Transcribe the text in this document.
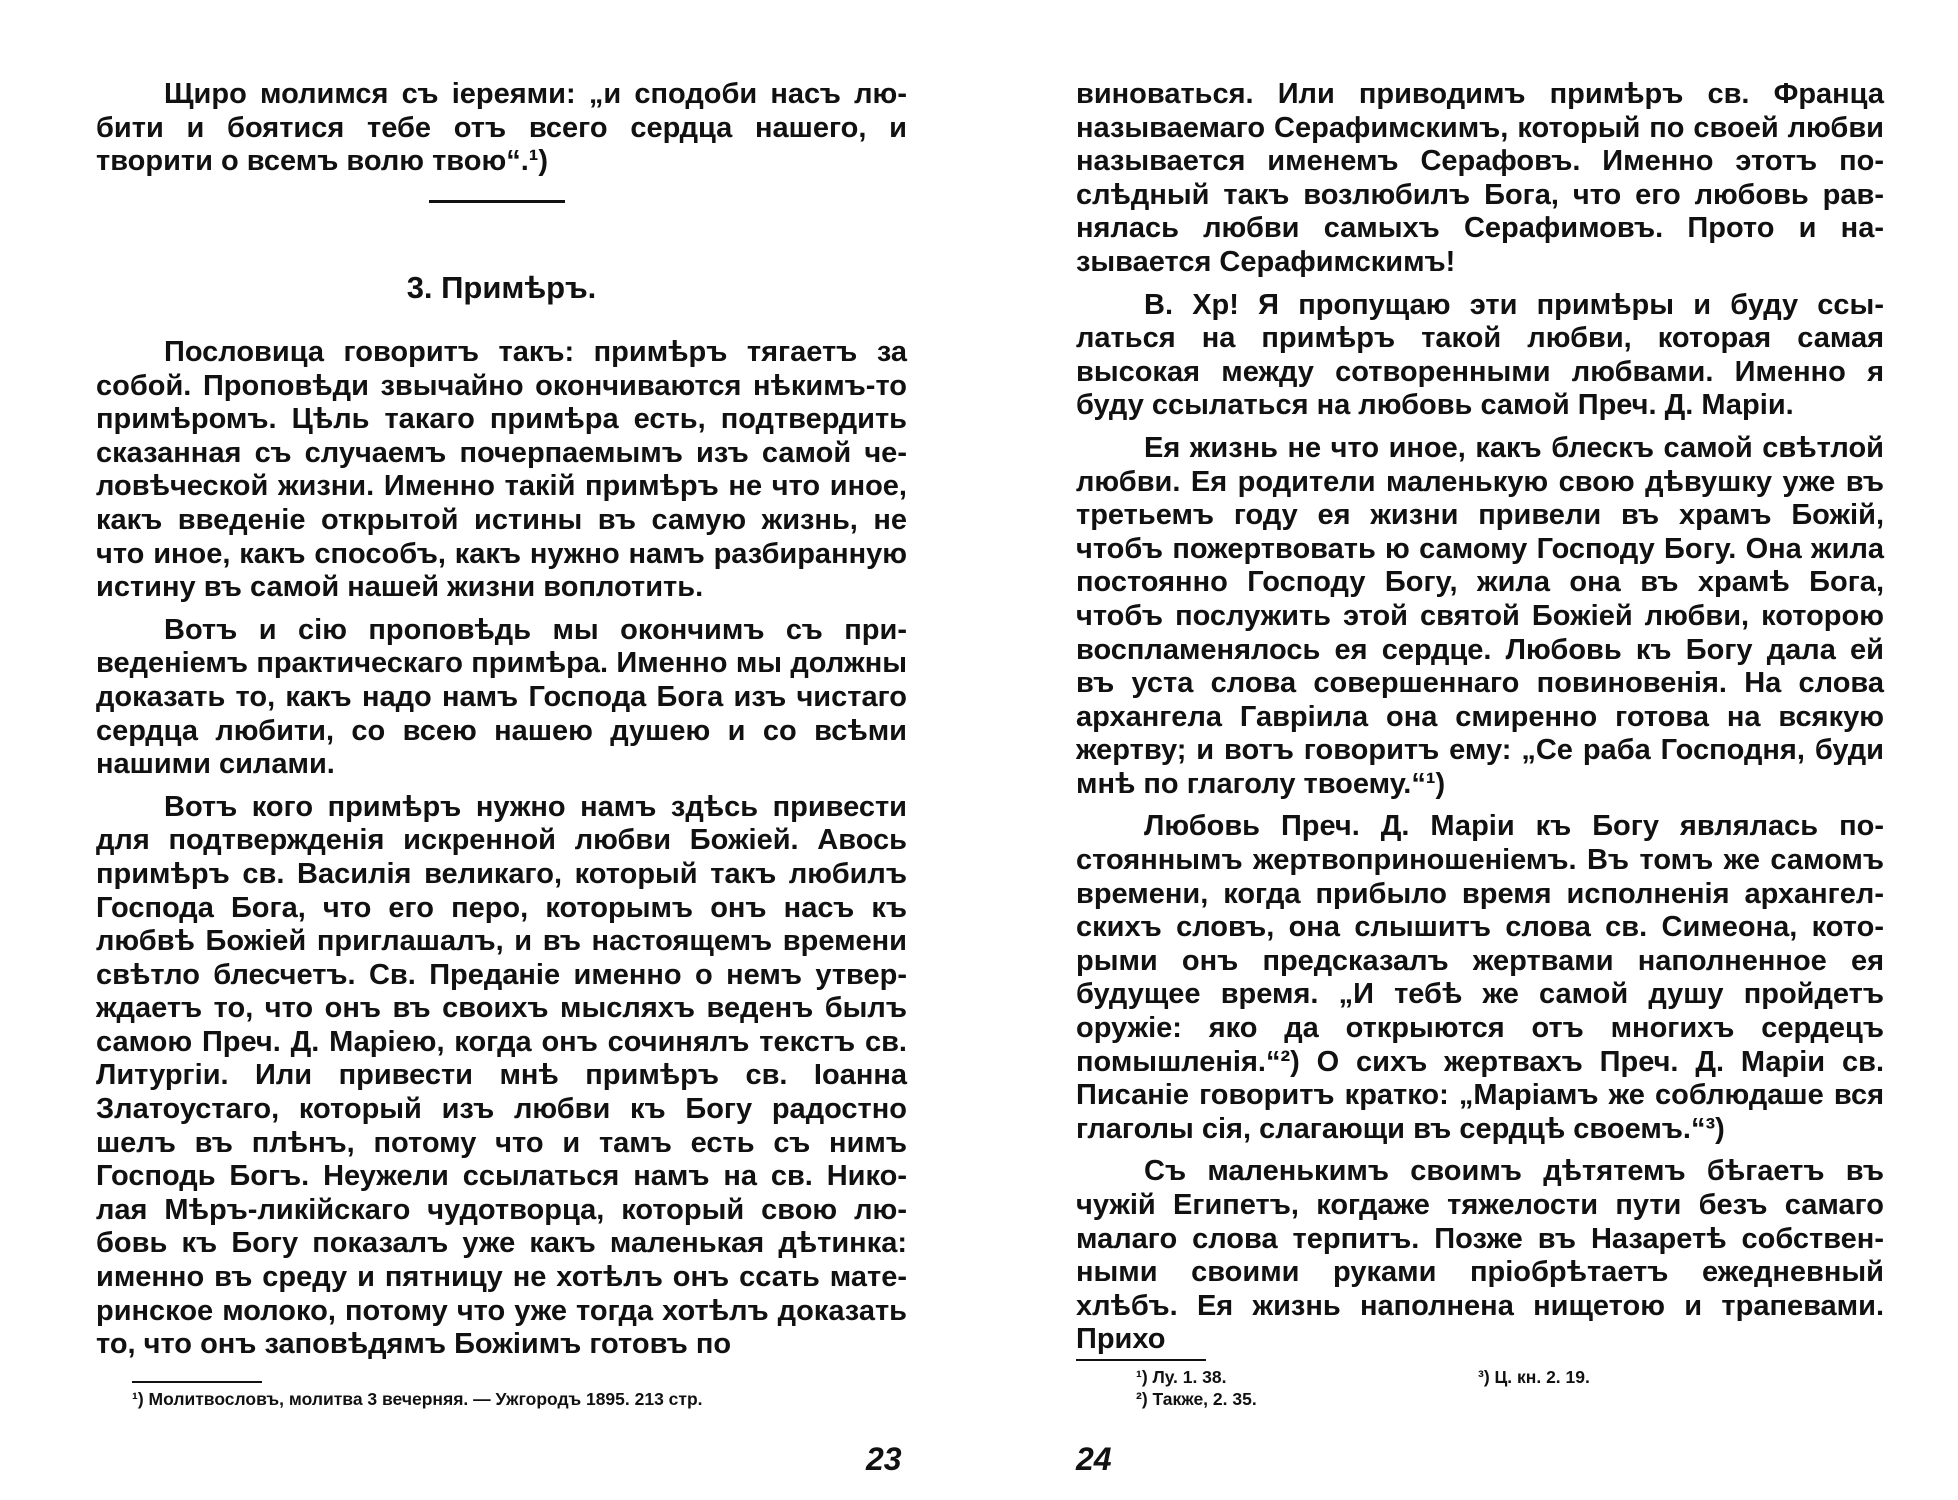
Щиро молимся съ iереями: „и сподоби насъ любити и боятися тебе отъ всего сердца нашего, и творити о всемъ волю твою“.¹)

3. Примѣръ.

Пословица говоритъ такъ: примѣръ тягаетъ за собой. Проповѣди звычайно окончиваются нѣкимъ-то примѣромъ. Цѣль такаго примѣра есть, подтвердить сказанная съ случаемъ почерпаемымъ изъ самой человѣческой жизни. Именно такiй примѣръ не что иное, какъ введенiе открытой истины въ самую жизнь, не что иное, какъ способъ, какъ нужно намъ разбиранную истину въ самой нашей жизни воплотить.

Вотъ и сiю проповѣдь мы окончимъ съ приведенiемъ практическаго примѣра. Именно мы должны доказать то, какъ надо намъ Господа Бога изъ чистаго сердца любити, со всею нашею душею и со всѣми нашими силами.

Вотъ кого примѣръ нужно намъ здѣсь привести для подтвержденiя искренной любви Божiей. Авось примѣръ св. Василiя великаго, который такъ любилъ Господа Бога, что его перо, которымъ онъ насъ къ любвѣ Божiей приглашалъ, и въ настоящемъ времени свѣтло блесчетъ. Св. Преданiе именно о немъ утверждаетъ то, что онъ въ своихъ мысляхъ веденъ былъ самою Преч. Д. Марiею, когда онъ сочинялъ текстъ св. Литургiи. Или привести мнѣ примѣръ св. Iоанна Златоустаго, который изъ любви къ Богу радостно шелъ въ плѣнъ, потому что и тамъ есть съ нимъ Господь Богъ. Неужели ссылаться намъ на св. Николая Мѣръ-ликiйскаго чудотворца, который свою любовь къ Богу показалъ уже какъ маленькая дѣтинка: именно въ среду и пятницу не хотѣлъ онъ ссать материнское молоко, потому что уже тогда хотѣлъ доказать то, что онъ заповѣдямъ Божiимъ готовъ по

¹) Молитвословъ, молитва 3 вечерняя. — Ужгородъ 1895. 213 стр.
23

виноваться. Или приводимъ примѣръ св. Франца называемаго Серафимскимъ, который по своей любви называется именемъ Серафовъ. Именно этотъ послѣдный такъ возлюбилъ Бога, что его любовь равнялась любви самыхъ Серафимовъ. Прото и называется Серафимскимъ!

В. Хр! Я пропущаю эти примѣры и буду ссылаться на примѣръ такой любви, которая самая высокая между сотворенными любвами. Именно я буду ссылаться на любовь самой Преч. Д. Марiи.

Ея жизнь не что иное, какъ блескъ самой свѣтлой любви. Ея родители маленькую свою дѣвушку уже въ третьемъ году ея жизни привели въ храмъ Божiй, чтобъ пожертвовать ю самому Господу Богу. Она жила постоянно Господу Богу, жила она въ храмѣ Бога, чтобъ послужить этой святой Божiей любви, которою воспламенялось ея сердце. Любовь къ Богу дала ей въ уста слова совершеннаго повиновенiя. На слова архангела Гаврiила она смиренно готова на всякую жертву; и вотъ говоритъ ему: „Се раба Господня, буди мнѣ по глаголу твоему.“¹)

Любовь Преч. Д. Марiи къ Богу являлась постояннымъ жертвоприношенiемъ. Въ томъ же самомъ времени, когда прибыло время исполненiя архангелскихъ словъ, она слышитъ слова св. Симеона, которыми онъ предсказалъ жертвами наполненное ея будущее время. „И тебѣ же самой душу пройдетъ оружiе: яко да открыются отъ многихъ сердецъ помышленiя.“²) О сихъ жертвахъ Преч. Д. Марiи св. Писанiе говоритъ кратко: „Марiамъ же соблюдаше вся глаголы сiя, слагающи въ сердцѣ своемъ.“³)

Съ маленькимъ своимъ дѣтятемъ бѣгаетъ въ чужiй Египетъ, когдаже тяжелости пути безъ самаго малаго слова терпитъ. Позже въ Назаретѣ собственными своими руками прiобрѣтаетъ ежедневный хлѣбъ. Ея жизнь наполнена нищетою и трапевами. Прихо

¹) Лу. 1. 38.
²) Также, 2. 35.
³) Ц. кн. 2. 19.
24
